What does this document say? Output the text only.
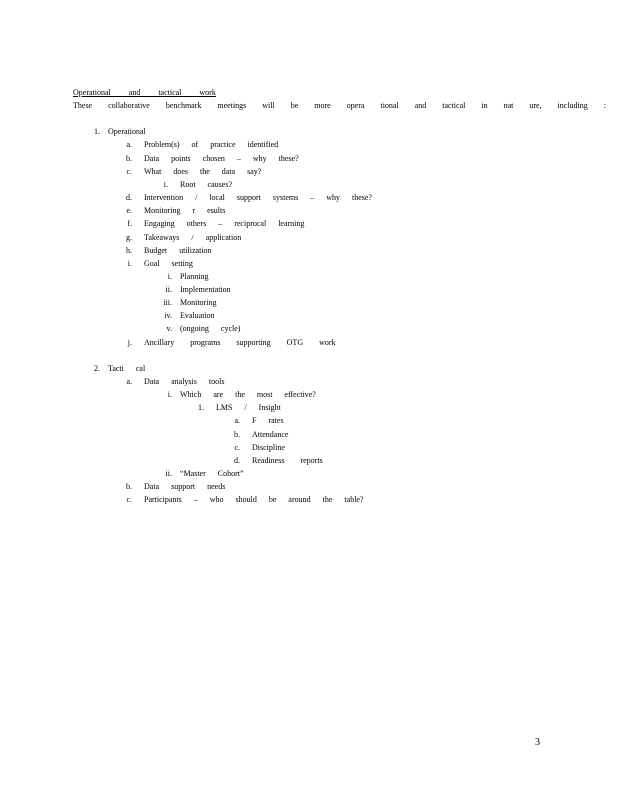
Operational and tactical work
These collaborative benchmark meetings will be more opera tional and tactical in nat ure, including :
1. Operational
a. Problem(s) of practice identified
b. Data points chosen – why these?
c. What does the data say?
i. Root causes?
d. Intervention / local support systems – why these?
e. Monitoring r esults
f. Engaging others – reciprocal learning
g. Takeaways / application
h. Budget utilization
i. Goal setting
i. Planning
ii. Implementation
iii. Monitoring
iv. Evaluation
v. (ongoing cycle)
j. Ancillary programs supporting OTG work
2. Tacti cal
a. Data analysis tools
i. Which are the most effective?
1. LMS / Insight
a. F rates
b. Attendance
c. Discipline
d. Readiness reports
ii. “Master Cohort”
b. Data support needs
c. Participants – who should be around the table?
3
